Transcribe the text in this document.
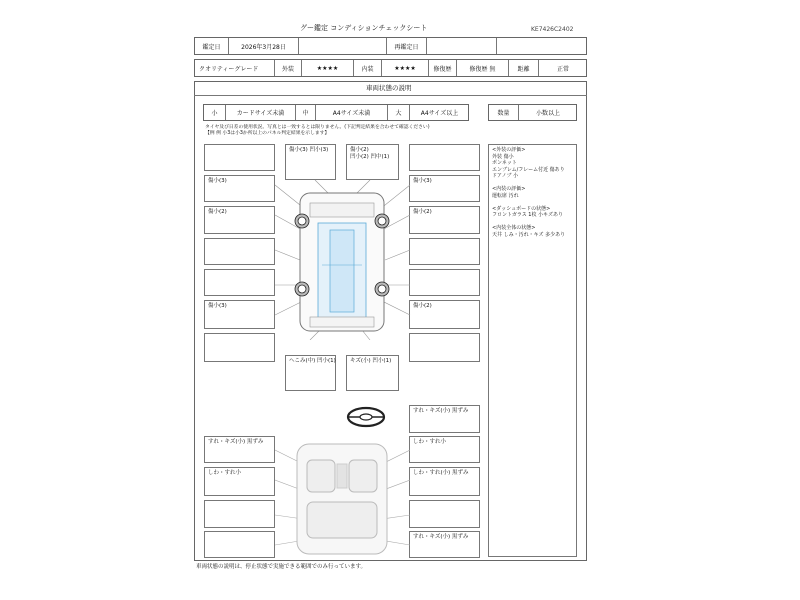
グー鑑定 コンディションチェックシート	KE7426C2402
鑑定日	2026年3月28日	再鑑定日
クオリティーグレード	外装	★★★★	内装	★★★★	修復歴	修復歴 無	距離	正常
車両状態の説明
小	カードサイズ未満	中	A4サイズ未満	大	A4サイズ以上	数量	小数以上
タイヤ及び日差の使用状況、写真とは一致するとは限りません。(下記判定結果を合わせて確認ください)
【例 例 小3は小3か所以上のパネル判定結果を示します】
<外装の評価>
外装 傷小
ボンネット
エンブレム/フレーム付近 傷あり
ドアノブ 小
<内装の評価>
運転席 汚れ
<ダッシュボードの状態>
フロントガラス 1枚 小キズあり
<内装全体の状態>
天井 しみ・汚れ・キズ 多少あり
傷小(3)
傷小(2)
傷小(3)
傷小(3)
傷小(2)
傷小(2)
傷小(3) 凹小(3)	傷小(2)
凹小(2) 凹中(1)
へこみ(中) 凹小(1)	キズ(小) 凹小(1)
すれ・キズ(小) 黒ずみ
すれ・キズ(小) 黒ずみ
しわ・すれ小
しわ・すれ小
しわ・すれ(小) 黒ずみ
すれ・キズ(小) 黒ずみ
車両状態の説明は、停止状態で実施できる範囲でのみ行っています。
